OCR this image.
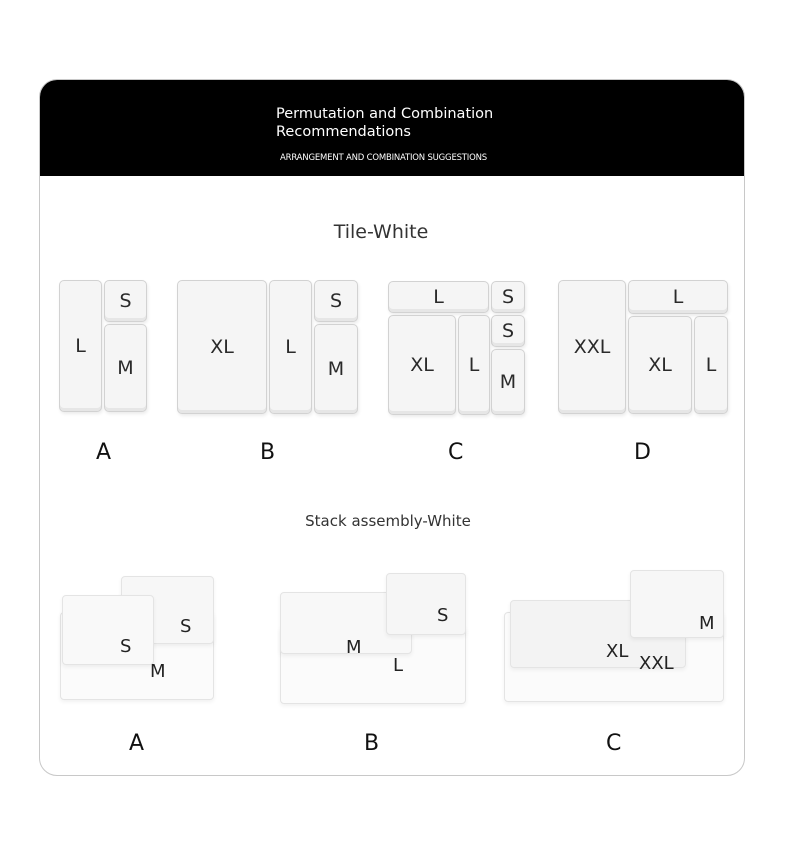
Permutation and Combination
Recommendations
ARRANGEMENT AND COMBINATION SUGGESTIONS
Tile-White
L
S
M
A
XL	L
S
M
B
L	S
S
XL	L
M
C
XXL
L
XL	L
D
Stack assembly-White
S
S
M
A
S
M
L
B
M
XL
XXL
C
